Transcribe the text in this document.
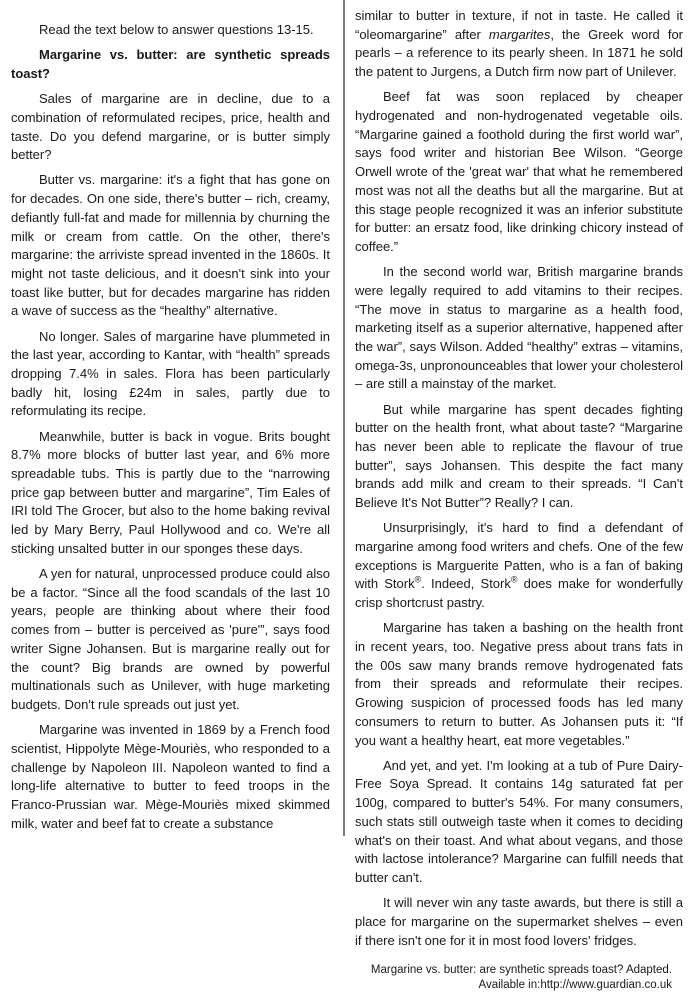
Read the text below to answer questions 13-15.

Margarine vs. butter: are synthetic spreads toast?

Sales of margarine are in decline, due to a combination of reformulated recipes, price, health and taste. Do you defend margarine, or is butter simply better?

Butter vs. margarine: it's a fight that has gone on for decades. On one side, there's butter – rich, creamy, defiantly full-fat and made for millennia by churning the milk or cream from cattle. On the other, there's margarine: the arriviste spread invented in the 1860s. It might not taste delicious, and it doesn't sink into your toast like butter, but for decades margarine has ridden a wave of success as the “healthy” alternative.

No longer. Sales of margarine have plummeted in the last year, according to Kantar, with “health” spreads dropping 7.4% in sales. Flora has been particularly badly hit, losing £24m in sales, partly due to reformulating its recipe.

Meanwhile, butter is back in vogue. Brits bought 8.7% more blocks of butter last year, and 6% more spreadable tubs. This is partly due to the “narrowing price gap between butter and margarine”, Tim Eales of IRI told The Grocer, but also to the home baking revival led by Mary Berry, Paul Hollywood and co. We're all sticking unsalted butter in our sponges these days.

A yen for natural, unprocessed produce could also be a factor. “Since all the food scandals of the last 10 years, people are thinking about where their food comes from – butter is perceived as 'pure'”, says food writer Signe Johansen. But is margarine really out for the count? Big brands are owned by powerful multinationals such as Unilever, with huge marketing budgets. Don't rule spreads out just yet.

Margarine was invented in 1869 by a French food scientist, Hippolyte Mège-Mouriès, who responded to a challenge by Napoleon III. Napoleon wanted to find a long-life alternative to butter to feed troops in the Franco-Prussian war. Mège-Mouriès mixed skimmed milk, water and beef fat to create a substance

similar to butter in texture, if not in taste. He called it “oleomargarine” after margarites, the Greek word for pearls – a reference to its pearly sheen. In 1871 he sold the patent to Jurgens, a Dutch firm now part of Unilever.

Beef fat was soon replaced by cheaper hydrogenated and non-hydrogenated vegetable oils. “Margarine gained a foothold during the first world war”, says food writer and historian Bee Wilson. “George Orwell wrote of the 'great war' that what he remembered most was not all the deaths but all the margarine. But at this stage people recognized it was an inferior substitute for butter: an ersatz food, like drinking chicory instead of coffee.”

In the second world war, British margarine brands were legally required to add vitamins to their recipes. “The move in status to margarine as a health food, marketing itself as a superior alternative, happened after the war”, says Wilson. Added “healthy” extras – vitamins, omega-3s, unpronounceables that lower your cholesterol – are still a mainstay of the market.

But while margarine has spent decades fighting butter on the health front, what about taste? “Margarine has never been able to replicate the flavour of true butter”, says Johansen. This despite the fact many brands add milk and cream to their spreads. “I Can't Believe It's Not Butter”? Really? I can.

Unsurprisingly, it's hard to find a defendant of margarine among food writers and chefs. One of the few exceptions is Marguerite Patten, who is a fan of baking with Stork®. Indeed, Stork® does make for wonderfully crisp shortcrust pastry.

Margarine has taken a bashing on the health front in recent years, too. Negative press about trans fats in the 00s saw many brands remove hydrogenated fats from their spreads and reformulate their recipes. Growing suspicion of processed foods has led many consumers to return to butter. As Johansen puts it: “If you want a healthy heart, eat more vegetables.”

And yet, and yet. I'm looking at a tub of Pure Dairy-Free Soya Spread. It contains 14g saturated fat per 100g, compared to butter's 54%. For many consumers, such stats still outweigh taste when it comes to deciding what's on their toast. And what about vegans, and those with lactose intolerance? Margarine can fulfill needs that butter can't.

It will never win any taste awards, but there is still a place for margarine on the supermarket shelves – even if there isn't one for it in most food lovers' fridges.

Margarine vs. butter: are synthetic spreads toast? Adapted.
Available in:http://www.guardian.co.uk
